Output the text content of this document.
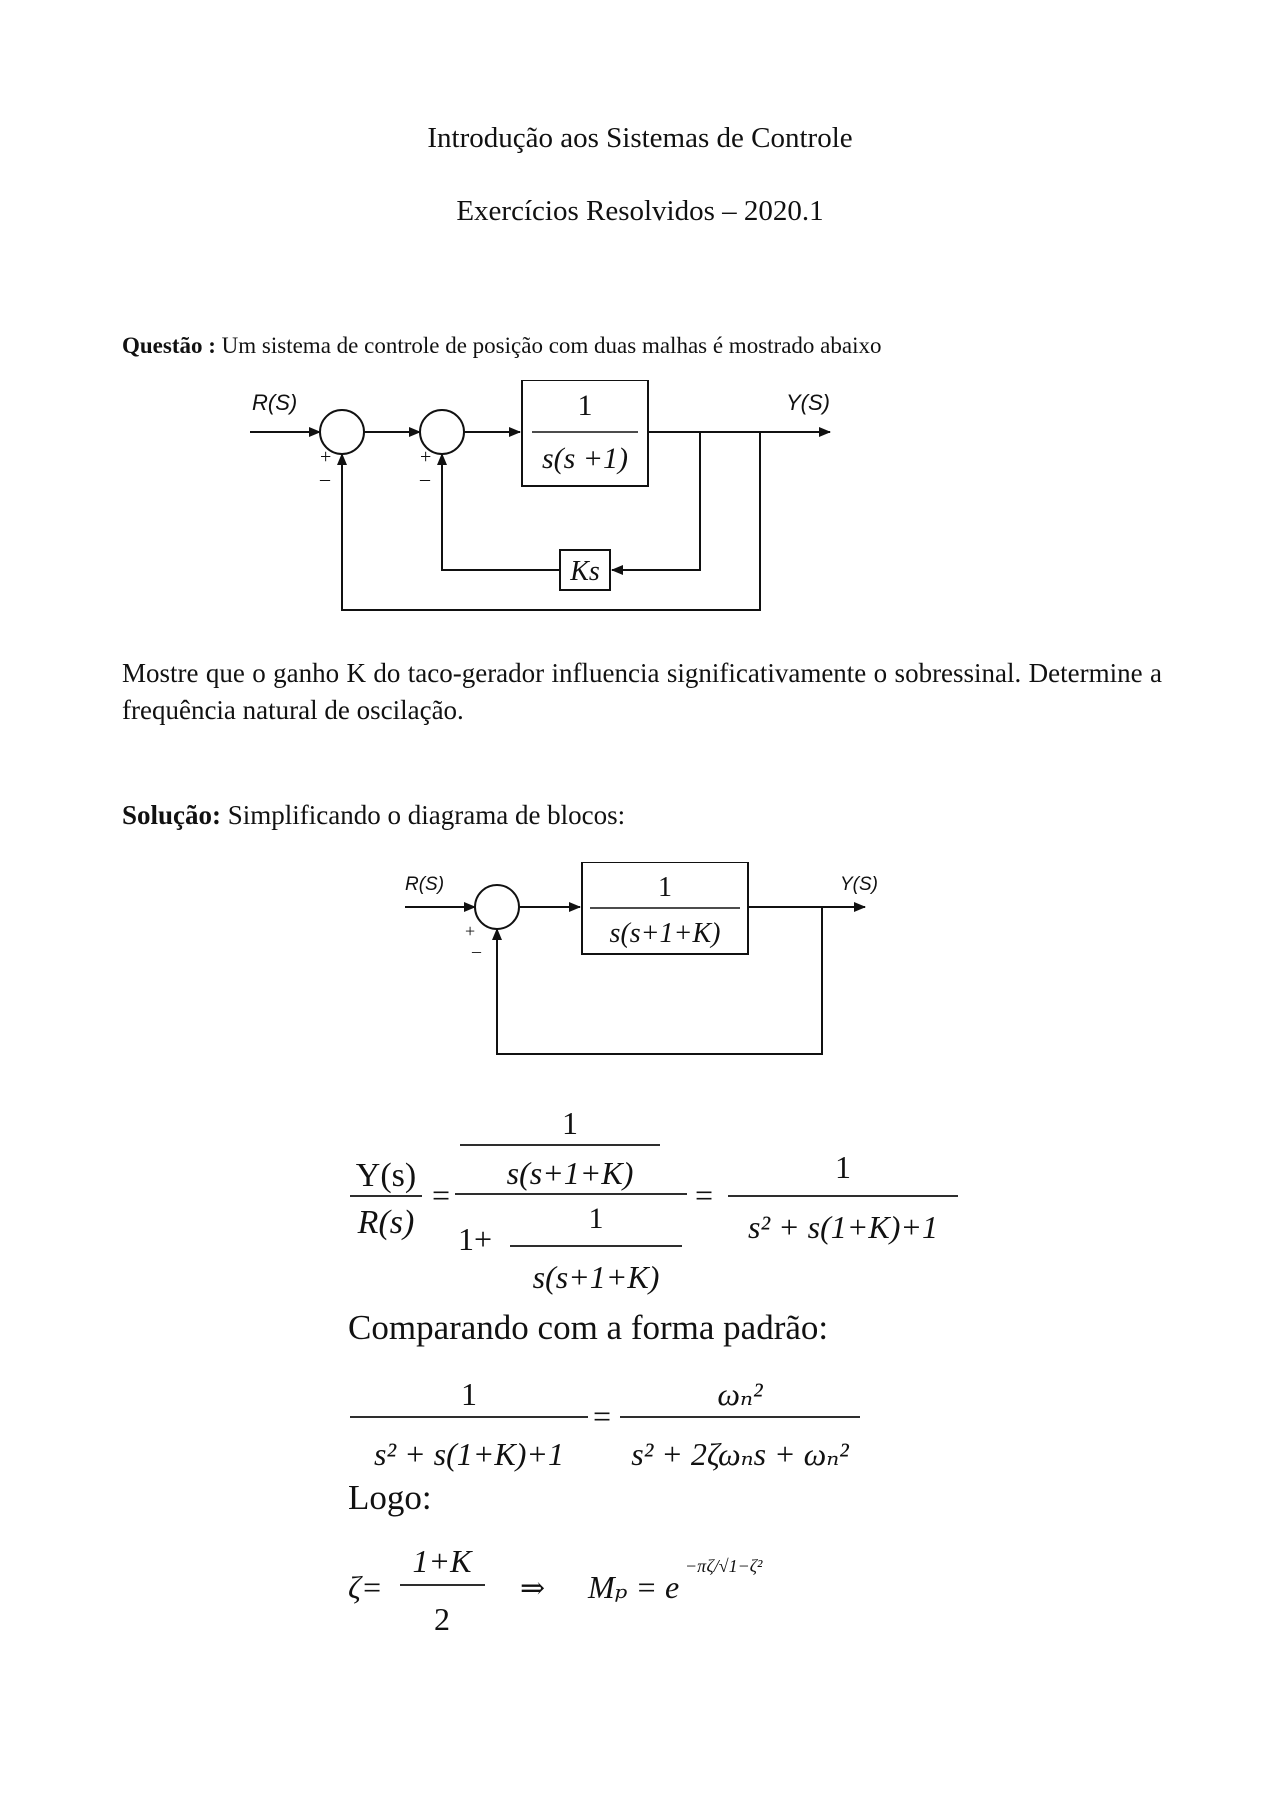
Introdução aos Sistemas de Controle
Exercícios Resolvidos – 2020.1
Questão : Um sistema de controle de posição com duas malhas é mostrado abaixo
R(S)	Y(S)
+
–
+
–
1
s(s +1)
Ks
Mostre que o ganho K do taco-gerador influencia significativamente o sobressinal. Determine a frequência natural de oscilação.
Solução: Simplificando o diagrama de blocos:
R(S)	Y(S)
+
–
1
s(s+1+K)
Y(s)
R(s)
=
1
s(s+1+K)
1
1+
s(s+1+K)
=
1
s² + s(1+K)+1
Comparando com a forma padrão:
1
s² + s(1+K)+1
=
ωₙ²
s² + 2ζωₙs + ωₙ²
Logo:
ζ=
1+K
2
⇒ Mₚ = e
−πζ/√1−ζ²
